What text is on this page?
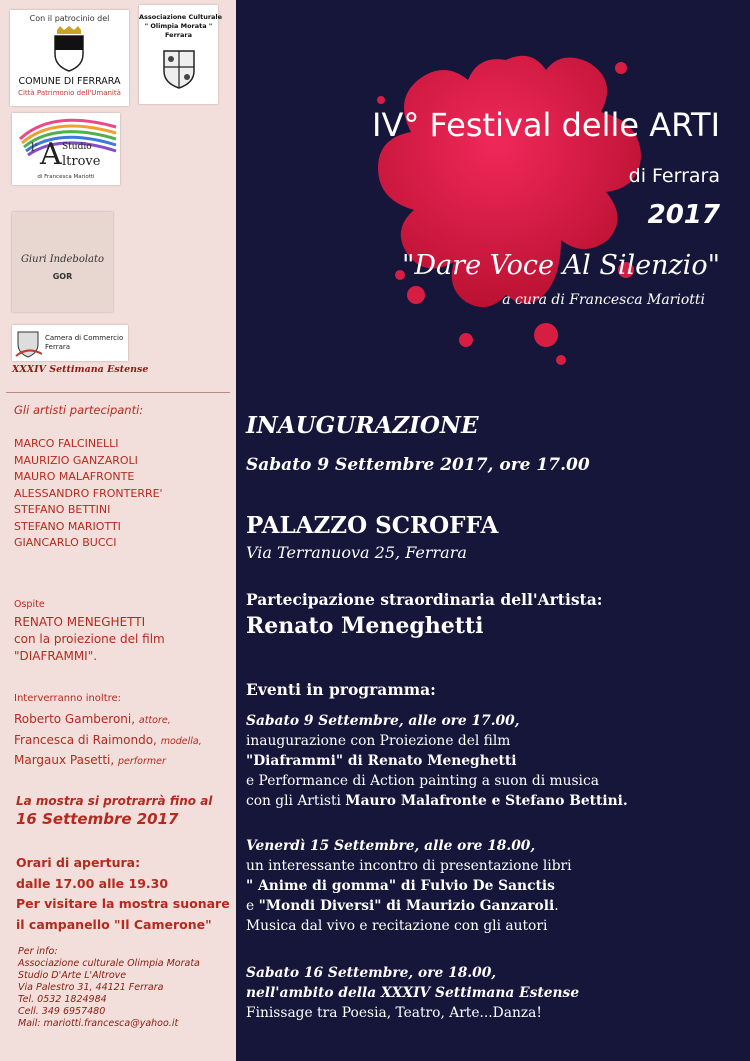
Con il patrocinio del
COMUNE DI FERRARA
Città Patrimonio dell'Umanità
Associazione Culturale
" Olimpia Morata "
Ferrara
l' A ltrove
Studio
di Francesca Mariotti
Giuri Indebolato
GOR
Camera di Commercio
Ferrara
XXXIV Settimana Estense
Gli artisti partecipanti:
MARCO FALCINELLI
MAURIZIO GANZAROLI
MAURO MALAFRONTE
ALESSANDRO FRONTERRE'
STEFANO BETTINI
STEFANO MARIOTTI
GIANCARLO BUCCI
Ospite
RENATO MENEGHETTI
con la proiezione del film
"DIAFRAMMI".
Interverranno inoltre:
Roberto Gamberoni, attore,
Francesca di Raimondo, modella,
Margaux Pasetti, performer
La mostra si protrarrà fino al
16 Settembre 2017
Orari di apertura:
dalle 17.00 alle 19.30
Per visitare la mostra suonare
il campanello "Il Camerone"
Per info:
Associazione culturale Olimpia Morata
Studio D'Arte L'Altrove
Via Palestro 31, 44121 Ferrara
Tel. 0532 1824984
Cell. 349 6957480
Mail: mariotti.francesca@yahoo.it
IV° Festival delle ARTI
di Ferrara
2017
"Dare Voce Al Silenzio"
a cura di Francesca Mariotti
INAUGURAZIONE
Sabato 9 Settembre 2017, ore 17.00
PALAZZO SCROFFA
Via Terranuova 25, Ferrara
Partecipazione straordinaria dell'Artista:
Renato Meneghetti
Eventi in programma:
Sabato 9 Settembre, alle ore 17.00,
inaugurazione con Proiezione del film
"Diaframmi" di Renato Meneghetti
e Performance di Action painting a suon di musica
con gli Artisti Mauro Malafronte e Stefano Bettini.
Venerdì 15 Settembre, alle ore 18.00,
un interessante incontro di presentazione libri
" Anime di gomma" di Fulvio De Sanctis
e "Mondi Diversi" di Maurizio Ganzaroli.
Musica dal vivo e recitazione con gli autori
Sabato 16 Settembre, ore 18.00,
nell'ambito della XXXIV Settimana Estense
Finissage tra Poesia, Teatro, Arte...Danza!
